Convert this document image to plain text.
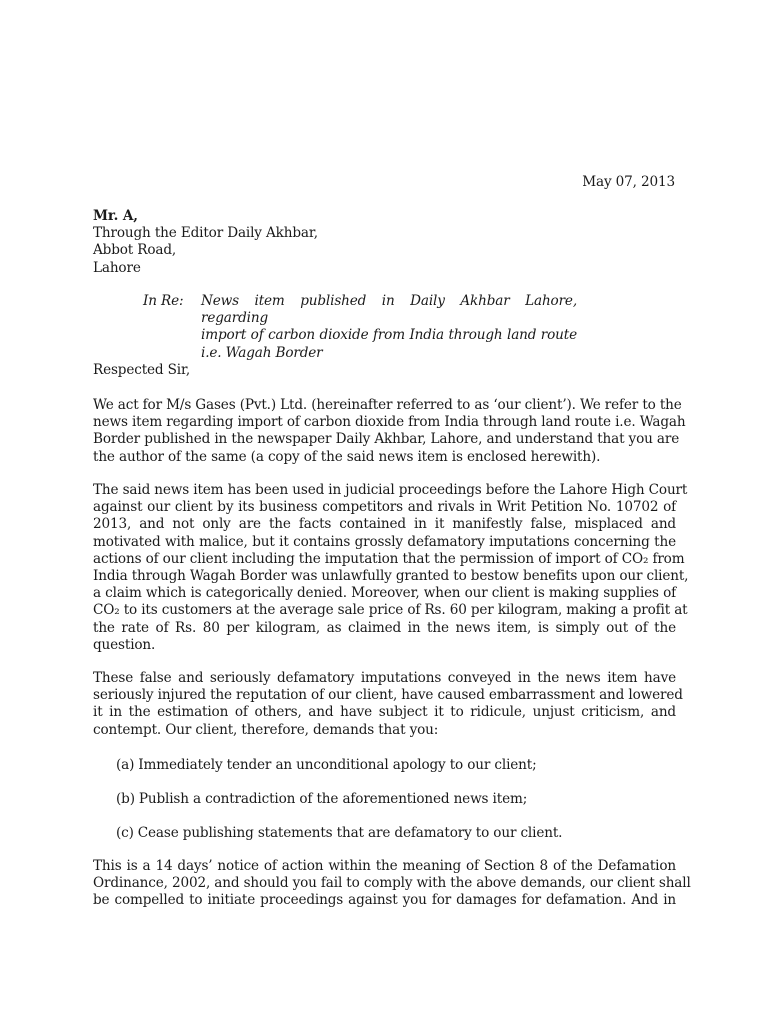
May 07, 2013
Mr. A,
Through the Editor Daily Akhbar,
Abbot Road,
Lahore
In Re: News item published in Daily Akhbar Lahore, regarding
import of carbon dioxide from India through land route
i.e. Wagah Border
Respected Sir,
We act for M/s Gases (Pvt.) Ltd. (hereinafter referred to as ‘our client’). We refer to the
news item regarding import of carbon dioxide from India through land route i.e. Wagah
Border published in the newspaper Daily Akhbar, Lahore, and understand that you are
the author of the same (a copy of the said news item is enclosed herewith).
The said news item has been used in judicial proceedings before the Lahore High Court
against our client by its business competitors and rivals in Writ Petition No. 10702 of
2013, and not only are the facts contained in it manifestly false, misplaced and
motivated with malice, but it contains grossly defamatory imputations concerning the
actions of our client including the imputation that the permission of import of CO₂ from
India through Wagah Border was unlawfully granted to bestow benefits upon our client,
a claim which is categorically denied. Moreover, when our client is making supplies of
CO₂ to its customers at the average sale price of Rs. 60 per kilogram, making a profit at
the rate of Rs. 80 per kilogram, as claimed in the news item, is simply out of the
question.
These false and seriously defamatory imputations conveyed in the news item have
seriously injured the reputation of our client, have caused embarrassment and lowered
it in the estimation of others, and have subject it to ridicule, unjust criticism, and
contempt. Our client, therefore, demands that you:
(a) Immediately tender an unconditional apology to our client;
(b) Publish a contradiction of the aforementioned news item;
(c) Cease publishing statements that are defamatory to our client.
This is a 14 days’ notice of action within the meaning of Section 8 of the Defamation
Ordinance, 2002, and should you fail to comply with the above demands, our client shall
be compelled to initiate proceedings against you for damages for defamation. And in
